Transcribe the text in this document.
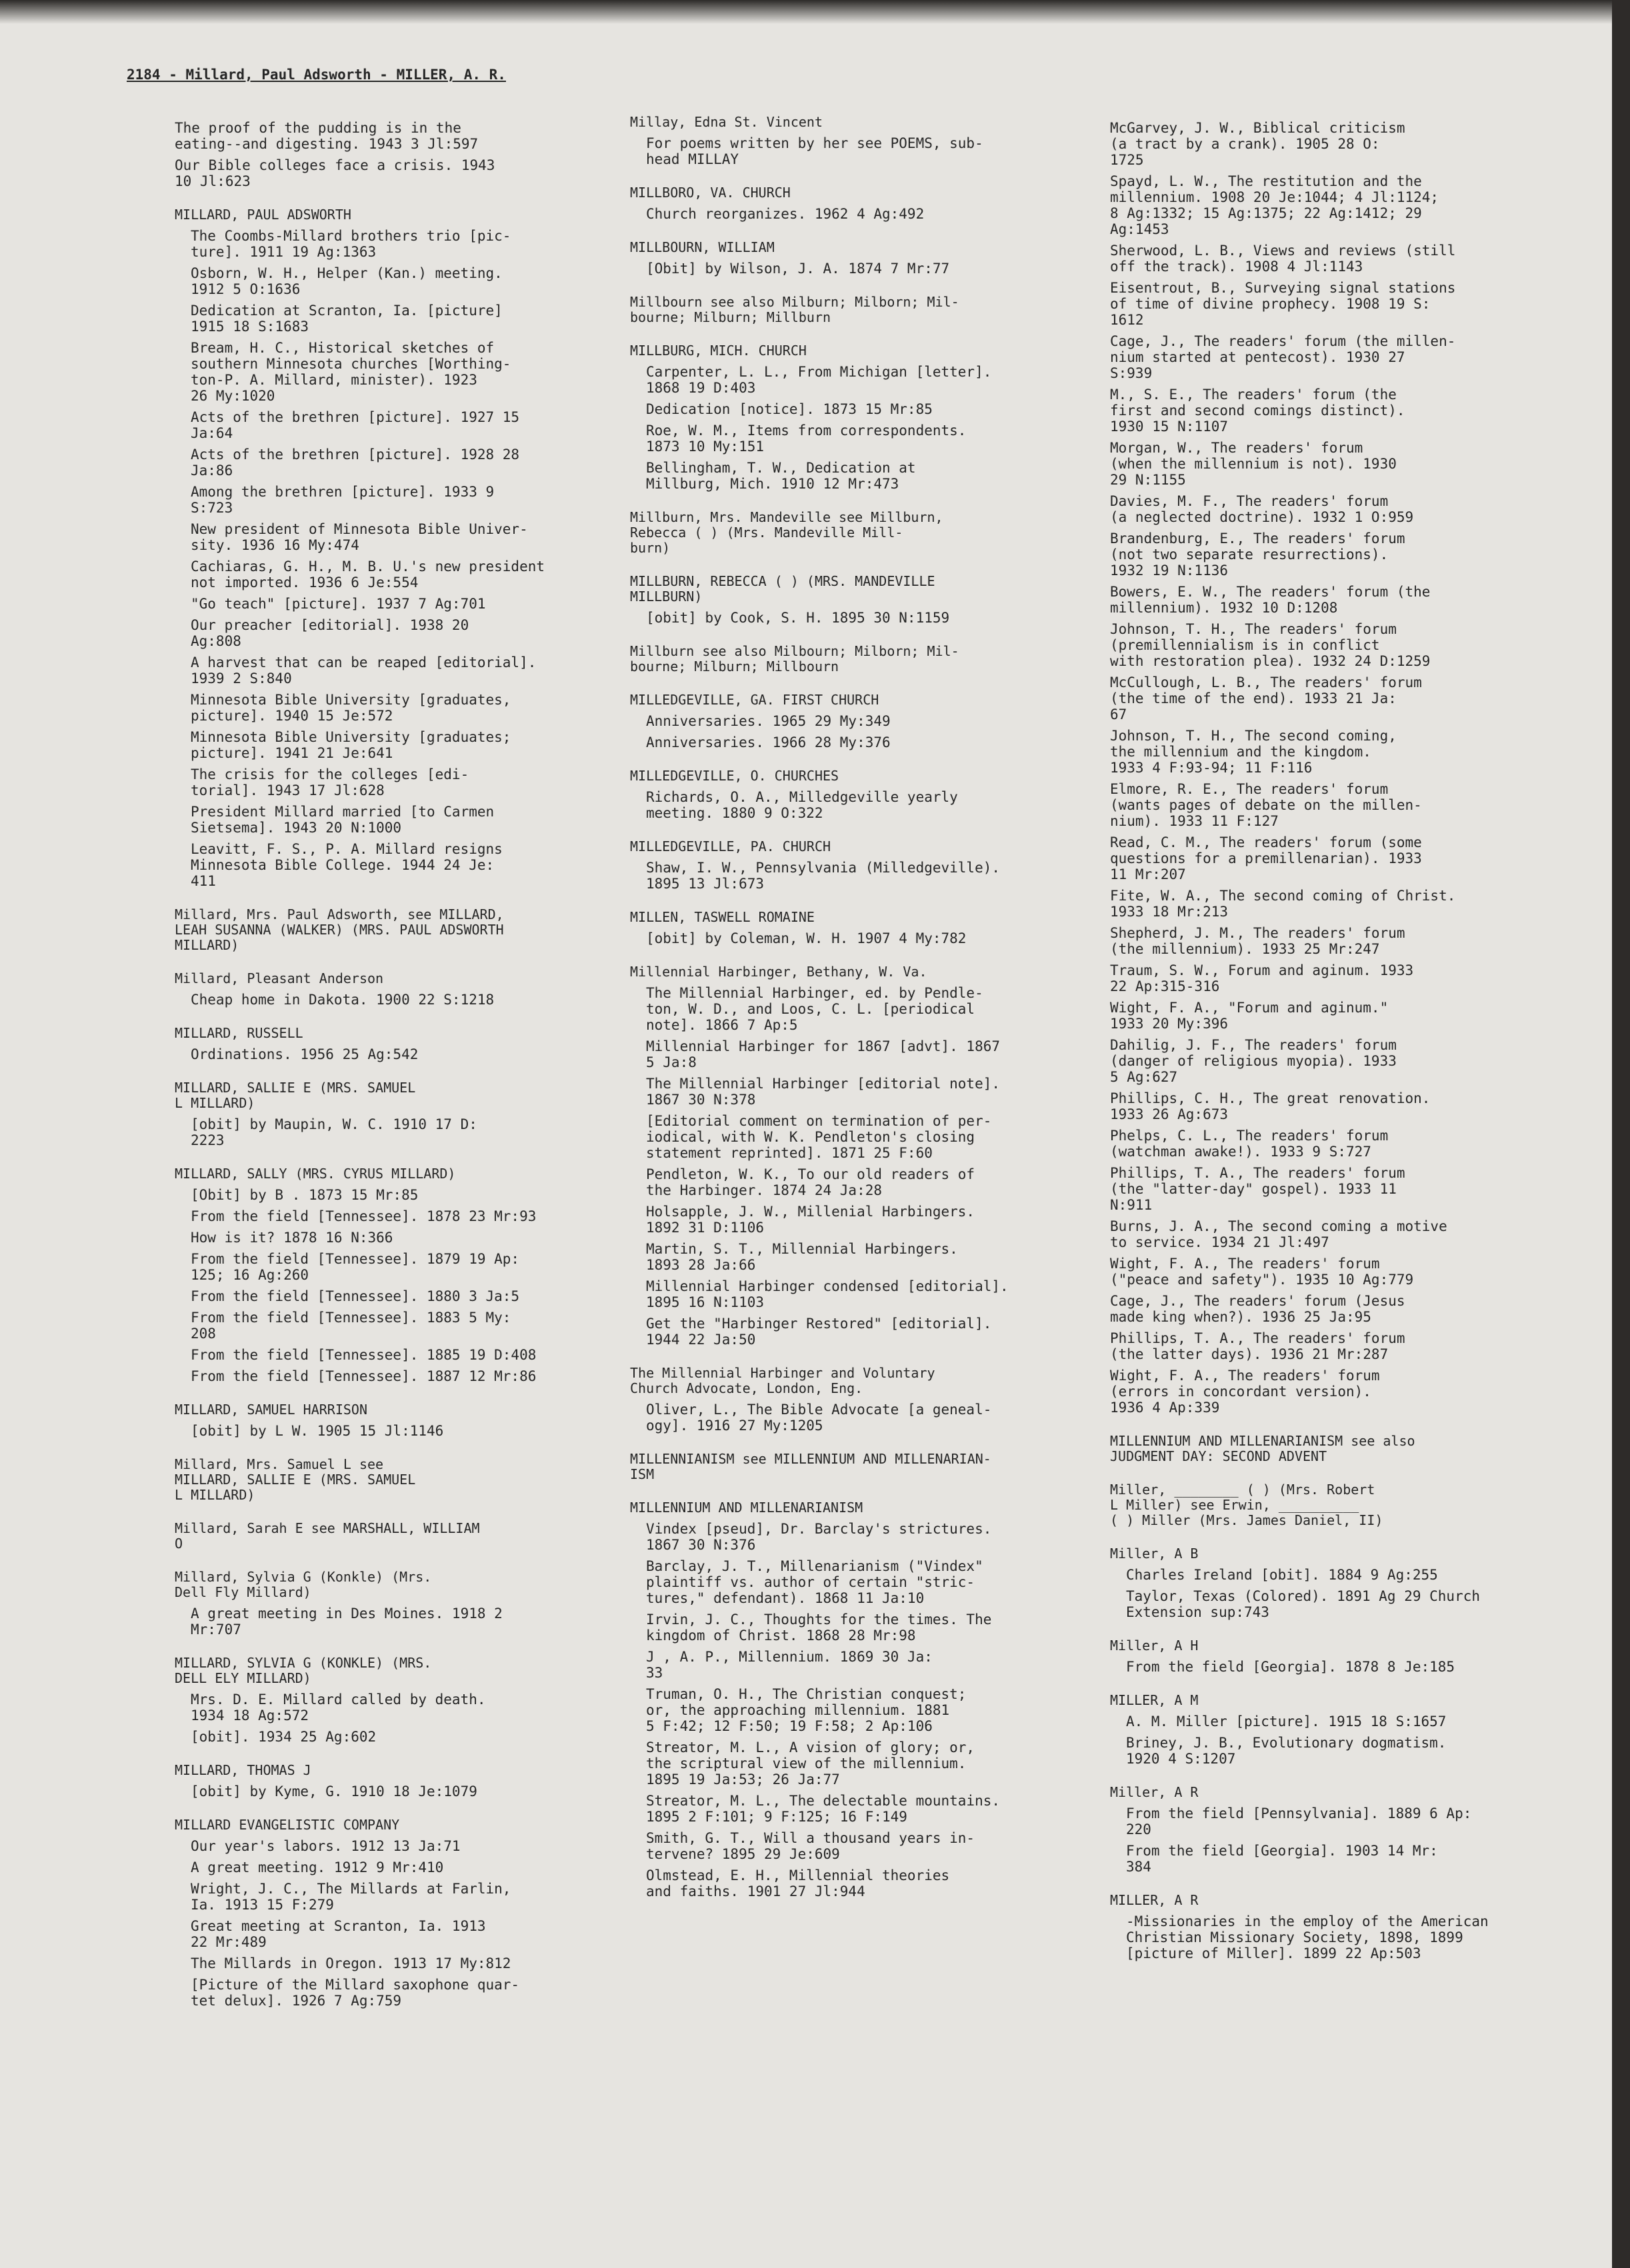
2184 - Millard, Paul Adsworth - MILLER, A. R.
The proof of the pudding is in the
eating--and digesting. 1943 3 Jl:597
Our Bible colleges face a crisis. 1943
10 Jl:623
MILLARD, PAUL ADSWORTH
The Coombs-Millard brothers trio [pic-
ture]. 1911 19 Ag:1363
Osborn, W. H., Helper (Kan.) meeting.
1912 5 O:1636
Dedication at Scranton, Ia. [picture]
1915 18 S:1683
Bream, H. C., Historical sketches of
southern Minnesota churches [Worthing-
ton-P. A. Millard, minister). 1923
26 My:1020
Acts of the brethren [picture]. 1927 15
Ja:64
Acts of the brethren [picture]. 1928 28
Ja:86
Among the brethren [picture]. 1933 9
S:723
New president of Minnesota Bible Univer-
sity. 1936 16 My:474
Cachiaras, G. H., M. B. U.'s new president
not imported. 1936 6 Je:554
"Go teach" [picture]. 1937 7 Ag:701
Our preacher [editorial]. 1938 20
Ag:808
A harvest that can be reaped [editorial].
1939 2 S:840
Minnesota Bible University [graduates,
picture]. 1940 15 Je:572
Minnesota Bible University [graduates;
picture]. 1941 21 Je:641
The crisis for the colleges [edi-
torial]. 1943 17 Jl:628
President Millard married [to Carmen
Sietsema]. 1943 20 N:1000
Leavitt, F. S., P. A. Millard resigns
Minnesota Bible College. 1944 24 Je:
411
Millard, Mrs. Paul Adsworth, see MILLARD,
LEAH SUSANNA (WALKER) (MRS. PAUL ADSWORTH
MILLARD)
Millard, Pleasant Anderson
Cheap home in Dakota. 1900 22 S:1218
MILLARD, RUSSELL
Ordinations. 1956 25 Ag:542
MILLARD, SALLIE E (MRS. SAMUEL
L MILLARD)
[obit] by Maupin, W. C. 1910 17 D:
2223
MILLARD, SALLY (MRS. CYRUS MILLARD)
[Obit] by B . 1873 15 Mr:85
From the field [Tennessee]. 1878 23 Mr:93
How is it? 1878 16 N:366
From the field [Tennessee]. 1879 19 Ap:
125; 16 Ag:260
From the field [Tennessee]. 1880 3 Ja:5
From the field [Tennessee]. 1883 5 My:
208
From the field [Tennessee]. 1885 19 D:408
From the field [Tennessee]. 1887 12 Mr:86
MILLARD, SAMUEL HARRISON
[obit] by L W. 1905 15 Jl:1146
Millard, Mrs. Samuel L see
MILLARD, SALLIE E (MRS. SAMUEL
L MILLARD)
Millard, Sarah E see MARSHALL, WILLIAM
O
Millard, Sylvia G (Konkle) (Mrs.
Dell Fly Millard)
A great meeting in Des Moines. 1918 2
Mr:707
MILLARD, SYLVIA G (KONKLE) (MRS.
DELL ELY MILLARD)
Mrs. D. E. Millard called by death.
1934 18 Ag:572
[obit]. 1934 25 Ag:602
MILLARD, THOMAS J
[obit] by Kyme, G. 1910 18 Je:1079
MILLARD EVANGELISTIC COMPANY
Our year's labors. 1912 13 Ja:71
A great meeting. 1912 9 Mr:410
Wright, J. C., The Millards at Farlin,
Ia. 1913 15 F:279
Great meeting at Scranton, Ia. 1913
22 Mr:489
The Millards in Oregon. 1913 17 My:812
[Picture of the Millard saxophone quar-
tet delux]. 1926 7 Ag:759
Millay, Edna St. Vincent
For poems written by her see POEMS, sub-
head MILLAY
MILLBORO, VA. CHURCH
Church reorganizes. 1962 4 Ag:492
MILLBOURN, WILLIAM
[Obit] by Wilson, J. A. 1874 7 Mr:77
Millbourn see also Milburn; Milborn; Mil-
bourne; Milburn; Millburn
MILLBURG, MICH. CHURCH
Carpenter, L. L., From Michigan [letter].
1868 19 D:403
Dedication [notice]. 1873 15 Mr:85
Roe, W. M., Items from correspondents.
1873 10 My:151
Bellingham, T. W., Dedication at
Millburg, Mich. 1910 12 Mr:473
Millburn, Mrs. Mandeville see Millburn,
Rebecca ( ) (Mrs. Mandeville Mill-
burn)
MILLBURN, REBECCA ( ) (MRS. MANDEVILLE
MILLBURN)
[obit] by Cook, S. H. 1895 30 N:1159
Millburn see also Milbourn; Milborn; Mil-
bourne; Milburn; Millbourn
MILLEDGEVILLE, GA. FIRST CHURCH
Anniversaries. 1965 29 My:349
Anniversaries. 1966 28 My:376
MILLEDGEVILLE, O. CHURCHES
Richards, O. A., Milledgeville yearly
meeting. 1880 9 O:322
MILLEDGEVILLE, PA. CHURCH
Shaw, I. W., Pennsylvania (Milledgeville).
1895 13 Jl:673
MILLEN, TASWELL ROMAINE
[obit] by Coleman, W. H. 1907 4 My:782
Millennial Harbinger, Bethany, W. Va.
The Millennial Harbinger, ed. by Pendle-
ton, W. D., and Loos, C. L. [periodical
note]. 1866 7 Ap:5
Millennial Harbinger for 1867 [advt]. 1867
5 Ja:8
The Millennial Harbinger [editorial note].
1867 30 N:378
[Editorial comment on termination of per-
iodical, with W. K. Pendleton's closing
statement reprinted]. 1871 25 F:60
Pendleton, W. K., To our old readers of
the Harbinger. 1874 24 Ja:28
Holsapple, J. W., Millenial Harbingers.
1892 31 D:1106
Martin, S. T., Millennial Harbingers.
1893 28 Ja:66
Millennial Harbinger condensed [editorial].
1895 16 N:1103
Get the "Harbinger Restored" [editorial].
1944 22 Ja:50
The Millennial Harbinger and Voluntary
Church Advocate, London, Eng.
Oliver, L., The Bible Advocate [a geneal-
ogy]. 1916 27 My:1205
MILLENNIANISM see MILLENNIUM AND MILLENARIAN-
ISM
MILLENNIUM AND MILLENARIANISM
Vindex [pseud], Dr. Barclay's strictures.
1867 30 N:376
Barclay, J. T., Millenarianism ("Vindex"
plaintiff vs. author of certain "stric-
tures," defendant). 1868 11 Ja:10
Irvin, J. C., Thoughts for the times. The
kingdom of Christ. 1868 28 Mr:98
J , A. P., Millennium. 1869 30 Ja:
33
Truman, O. H., The Christian conquest;
or, the approaching millennium. 1881
5 F:42; 12 F:50; 19 F:58; 2 Ap:106
Streator, M. L., A vision of glory; or,
the scriptural view of the millennium.
1895 19 Ja:53; 26 Ja:77
Streator, M. L., The delectable mountains.
1895 2 F:101; 9 F:125; 16 F:149
Smith, G. T., Will a thousand years in-
tervene? 1895 29 Je:609
Olmstead, E. H., Millennial theories
and faiths. 1901 27 Jl:944
McGarvey, J. W., Biblical criticism
(a tract by a crank). 1905 28 O:
1725
Spayd, L. W., The restitution and the
millennium. 1908 20 Je:1044; 4 Jl:1124;
8 Ag:1332; 15 Ag:1375; 22 Ag:1412; 29
Ag:1453
Sherwood, L. B., Views and reviews (still
off the track). 1908 4 Jl:1143
Eisentrout, B., Surveying signal stations
of time of divine prophecy. 1908 19 S:
1612
Cage, J., The readers' forum (the millen-
nium started at pentecost). 1930 27
S:939
M., S. E., The readers' forum (the
first and second comings distinct).
1930 15 N:1107
Morgan, W., The readers' forum
(when the millennium is not). 1930
29 N:1155
Davies, M. F., The readers' forum
(a neglected doctrine). 1932 1 O:959
Brandenburg, E., The readers' forum
(not two separate resurrections).
1932 19 N:1136
Bowers, E. W., The readers' forum (the
millennium). 1932 10 D:1208
Johnson, T. H., The readers' forum
(premillennialism is in conflict
with restoration plea). 1932 24 D:1259
McCullough, L. B., The readers' forum
(the time of the end). 1933 21 Ja:
67
Johnson, T. H., The second coming,
the millennium and the kingdom.
1933 4 F:93-94; 11 F:116
Elmore, R. E., The readers' forum
(wants pages of debate on the millen-
nium). 1933 11 F:127
Read, C. M., The readers' forum (some
questions for a premillenarian). 1933
11 Mr:207
Fite, W. A., The second coming of Christ.
1933 18 Mr:213
Shepherd, J. M., The readers' forum
(the millennium). 1933 25 Mr:247
Traum, S. W., Forum and aginum. 1933
22 Ap:315-316
Wight, F. A., "Forum and aginum."
1933 20 My:396
Dahilig, J. F., The readers' forum
(danger of religious myopia). 1933
5 Ag:627
Phillips, C. H., The great renovation.
1933 26 Ag:673
Phelps, C. L., The readers' forum
(watchman awake!). 1933 9 S:727
Phillips, T. A., The readers' forum
(the "latter-day" gospel). 1933 11
N:911
Burns, J. A., The second coming a motive
to service. 1934 21 Jl:497
Wight, F. A., The readers' forum
("peace and safety"). 1935 10 Ag:779
Cage, J., The readers' forum (Jesus
made king when?). 1936 25 Ja:95
Phillips, T. A., The readers' forum
(the latter days). 1936 21 Mr:287
Wight, F. A., The readers' forum
(errors in concordant version).
1936 4 Ap:339
MILLENNIUM AND MILLENARIANISM see also
JUDGMENT DAY: SECOND ADVENT
Miller, ________ ( ) (Mrs. Robert
L Miller) see Erwin, __________
( ) Miller (Mrs. James Daniel, II)
Miller, A B
Charles Ireland [obit]. 1884 9 Ag:255
Taylor, Texas (Colored). 1891 Ag 29 Church
Extension sup:743
Miller, A H
From the field [Georgia]. 1878 8 Je:185
MILLER, A M
A. M. Miller [picture]. 1915 18 S:1657
Briney, J. B., Evolutionary dogmatism.
1920 4 S:1207
Miller, A R
From the field [Pennsylvania]. 1889 6 Ap:
220
From the field [Georgia]. 1903 14 Mr:
384
MILLER, A R
-Missionaries in the employ of the American
Christian Missionary Society, 1898, 1899
[picture of Miller]. 1899 22 Ap:503
